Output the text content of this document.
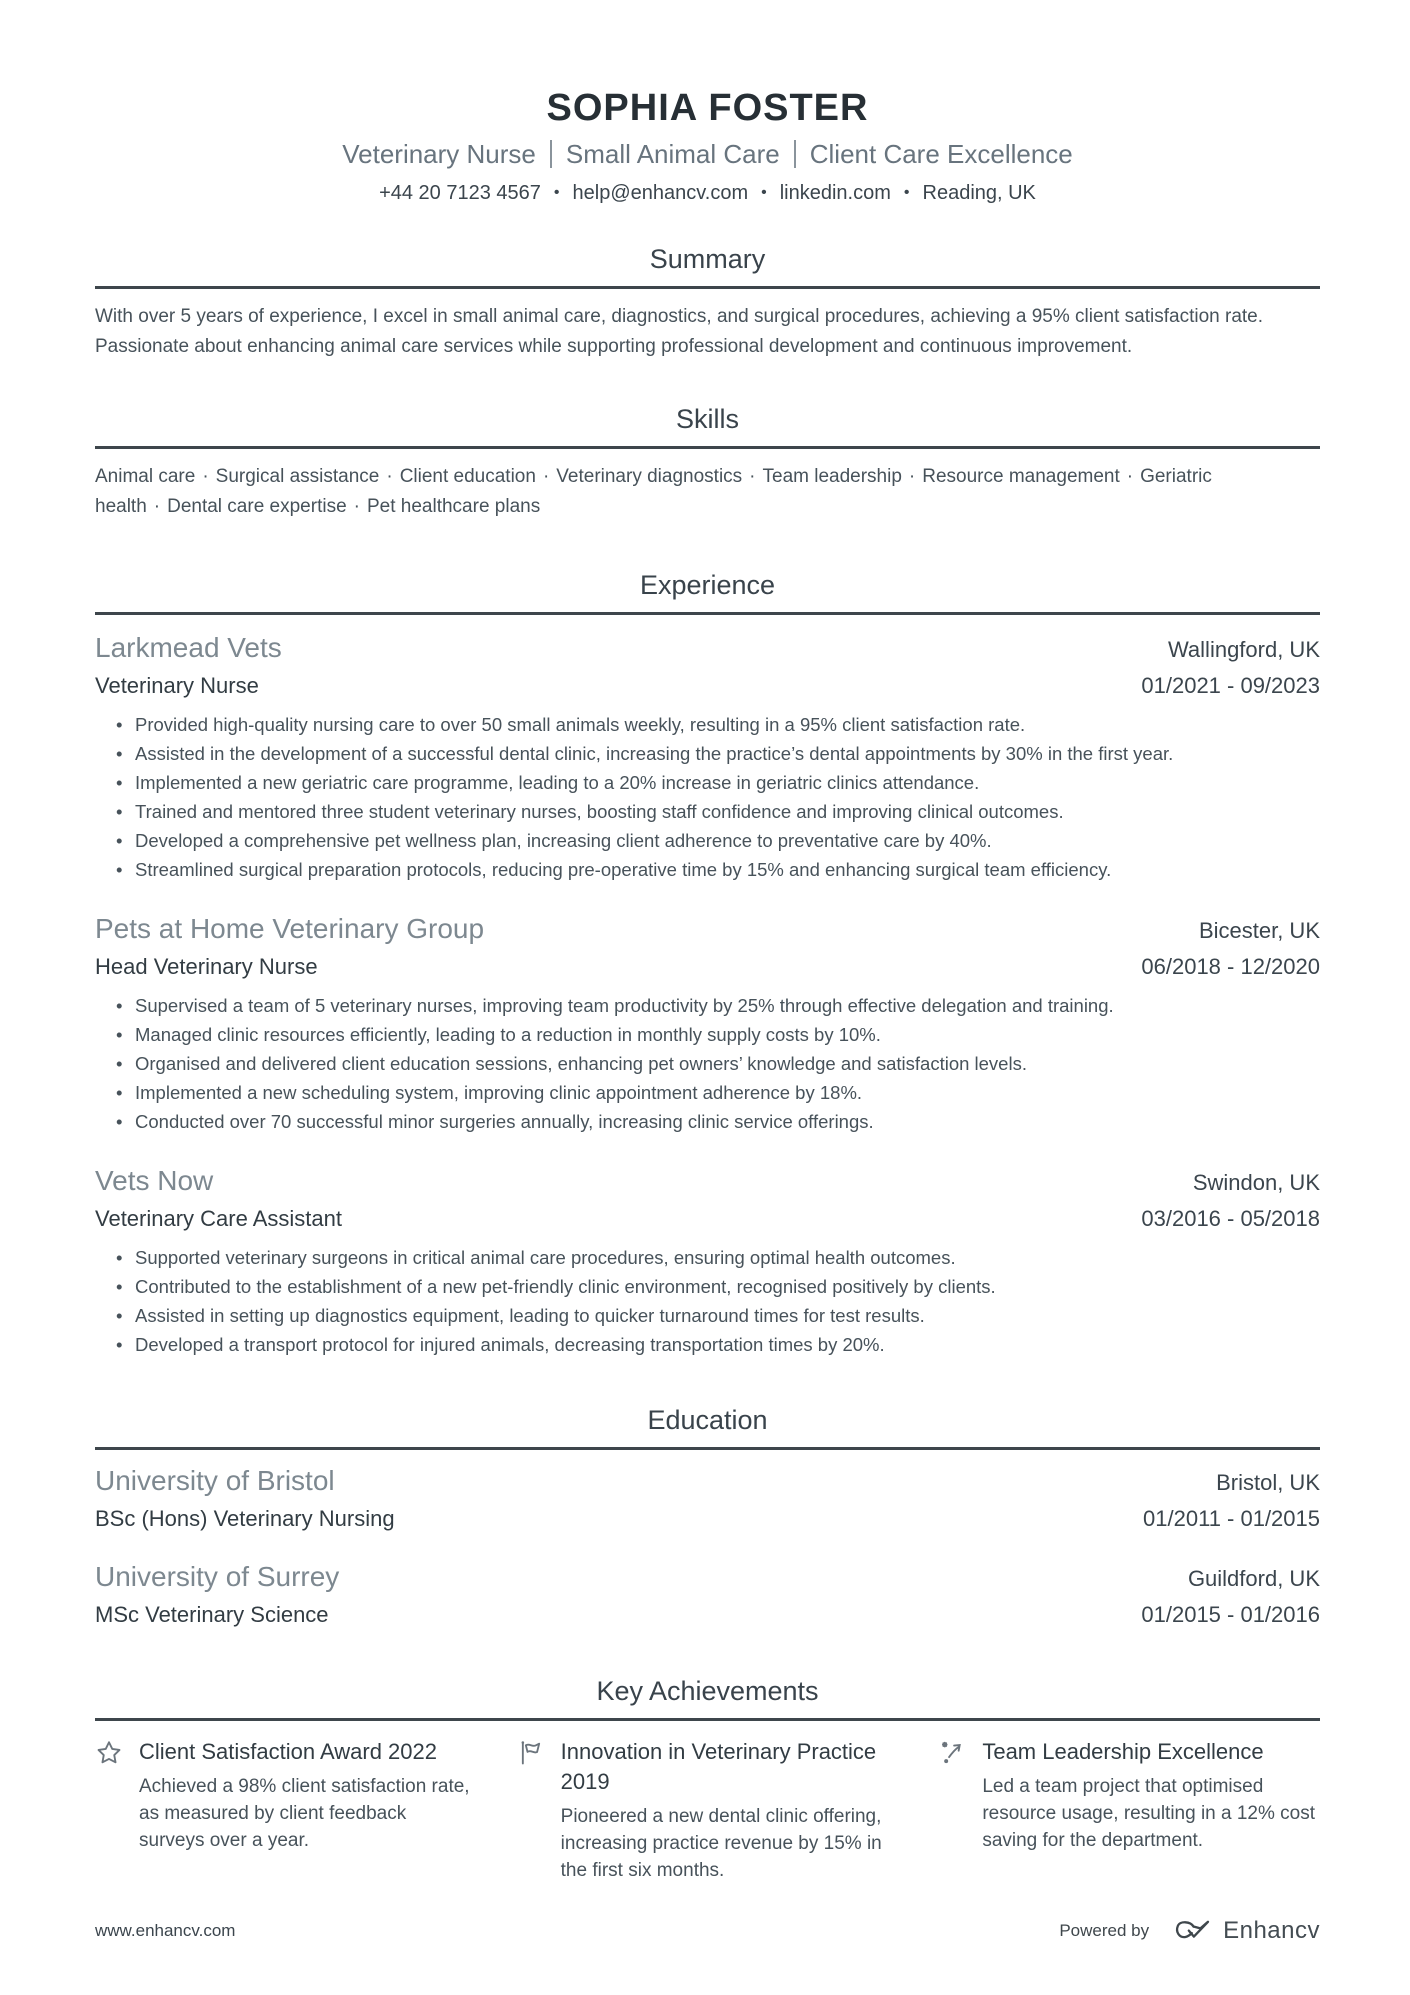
SOPHIA FOSTER
Veterinary Nurse Small Animal Care Client Care Excellence
+44 20 7123 4567 • help@enhancv.com • linkedin.com • Reading, UK
Summary
With over 5 years of experience, I excel in small animal care, diagnostics, and surgical procedures, achieving a 95% client satisfaction rate. Passionate about enhancing animal care services while supporting professional development and continuous improvement.
Skills
Animal care · Surgical assistance · Client education · Veterinary diagnostics · Team leadership · Resource management · Geriatric health · Dental care expertise · Pet healthcare plans
Experience
Larkmead Vets	Wallingford, UK
Veterinary Nurse	01/2021 - 09/2023
• Provided high-quality nursing care to over 50 small animals weekly, resulting in a 95% client satisfaction rate.
• Assisted in the development of a successful dental clinic, increasing the practice’s dental appointments by 30% in the first year.
• Implemented a new geriatric care programme, leading to a 20% increase in geriatric clinics attendance.
• Trained and mentored three student veterinary nurses, boosting staff confidence and improving clinical outcomes.
• Developed a comprehensive pet wellness plan, increasing client adherence to preventative care by 40%.
• Streamlined surgical preparation protocols, reducing pre-operative time by 15% and enhancing surgical team efficiency.
Pets at Home Veterinary Group	Bicester, UK
Head Veterinary Nurse	06/2018 - 12/2020
• Supervised a team of 5 veterinary nurses, improving team productivity by 25% through effective delegation and training.
• Managed clinic resources efficiently, leading to a reduction in monthly supply costs by 10%.
• Organised and delivered client education sessions, enhancing pet owners’ knowledge and satisfaction levels.
• Implemented a new scheduling system, improving clinic appointment adherence by 18%.
• Conducted over 70 successful minor surgeries annually, increasing clinic service offerings.
Vets Now	Swindon, UK
Veterinary Care Assistant	03/2016 - 05/2018
• Supported veterinary surgeons in critical animal care procedures, ensuring optimal health outcomes.
• Contributed to the establishment of a new pet-friendly clinic environment, recognised positively by clients.
• Assisted in setting up diagnostics equipment, leading to quicker turnaround times for test results.
• Developed a transport protocol for injured animals, decreasing transportation times by 20%.
Education
University of Bristol	Bristol, UK
BSc (Hons) Veterinary Nursing	01/2011 - 01/2015
University of Surrey	Guildford, UK
MSc Veterinary Science	01/2015 - 01/2016
Key Achievements
Client Satisfaction Award 2022
Achieved a 98% client satisfaction rate, as measured by client feedback surveys over a year.
Innovation in Veterinary Practice 2019
Pioneered a new dental clinic offering, increasing practice revenue by 15% in the first six months.
Team Leadership Excellence
Led a team project that optimised resource usage, resulting in a 12% cost saving for the department.
www.enhancv.com	Powered by	Enhancv
